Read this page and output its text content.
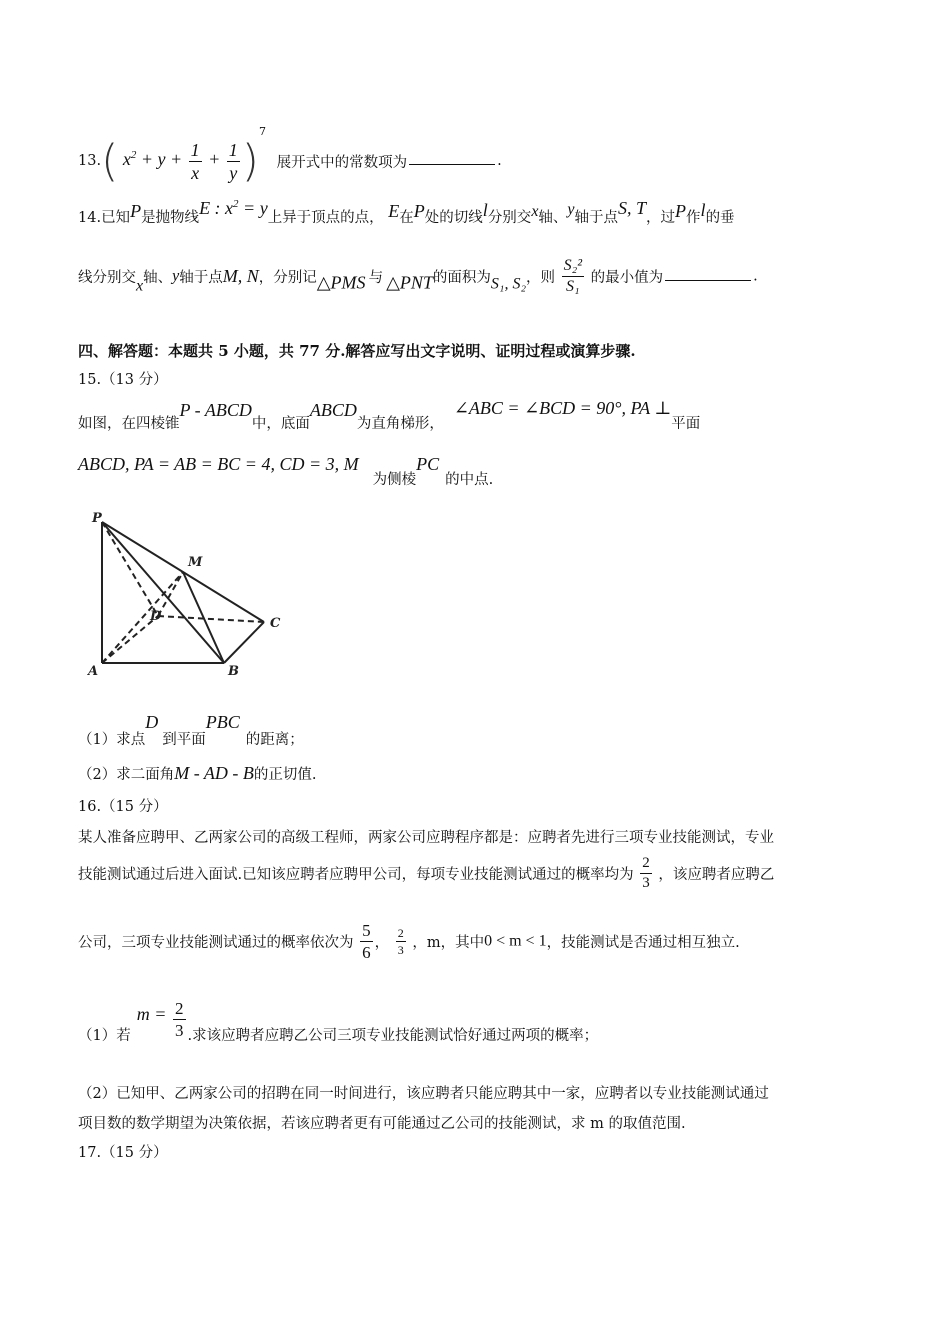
13.( $x^2 + y + \frac{1}{x} + \frac{1}{y} )^7$ 展开式中的常数项为	.
14.已知P是抛物线E : $x^2 = y$上异于顶点的点， E在P处的切线l分别交x轴、y轴于点S, T，过P作l的垂
线分别交x轴、y轴于点M, N，分别记△PMS 与 △PNT的面积为S₁, S₂，则 $\frac{\text{S₂²}}{\text{S₁}}$ 的最小值为	.
四、解答题：本题共 5 小题，共 77 分.解答应写出文字说明、证明过程或演算步骤.
15.（13 分）
如图，在四棱锥P - ABCD中，底面ABCD为直角梯形，∠ABC = ∠BCD = 90°, PA ⊥平面
ABCD, PA = AB = BC = 4, CD = 3, M为侧棱PC的中点.
P
M
D	C
A	B
（1）求点D到平面PBC的距离；
（2）求二面角M - AD - B的正切值.
16.（15 分）
某人准备应聘甲、乙两家公司的高级工程师，两家公司应聘程序都是：应聘者先进行三项专业技能测试，专业
技能测试通过后进入面试.已知该应聘者应聘甲公司，每项专业技能测试通过的概率均为 $\frac{2}{3}$ ，该应聘者应聘乙
公司，三项专业技能测试通过的概率依次为 $\frac{5}{6}$ ， $\frac{2}{3}$ ，m，其中0 < m < 1，技能测试是否通过相互独立.
（1）若$m = \frac{2}{3}$ .求该应聘者应聘乙公司三项专业技能测试恰好通过两项的概率；
（2）已知甲、乙两家公司的招聘在同一时间进行，该应聘者只能应聘其中一家，应聘者以专业技能测试通过
项目数的数学期望为决策依据，若该应聘者更有可能通过乙公司的技能测试，求 m 的取值范围.
17.（15 分）
